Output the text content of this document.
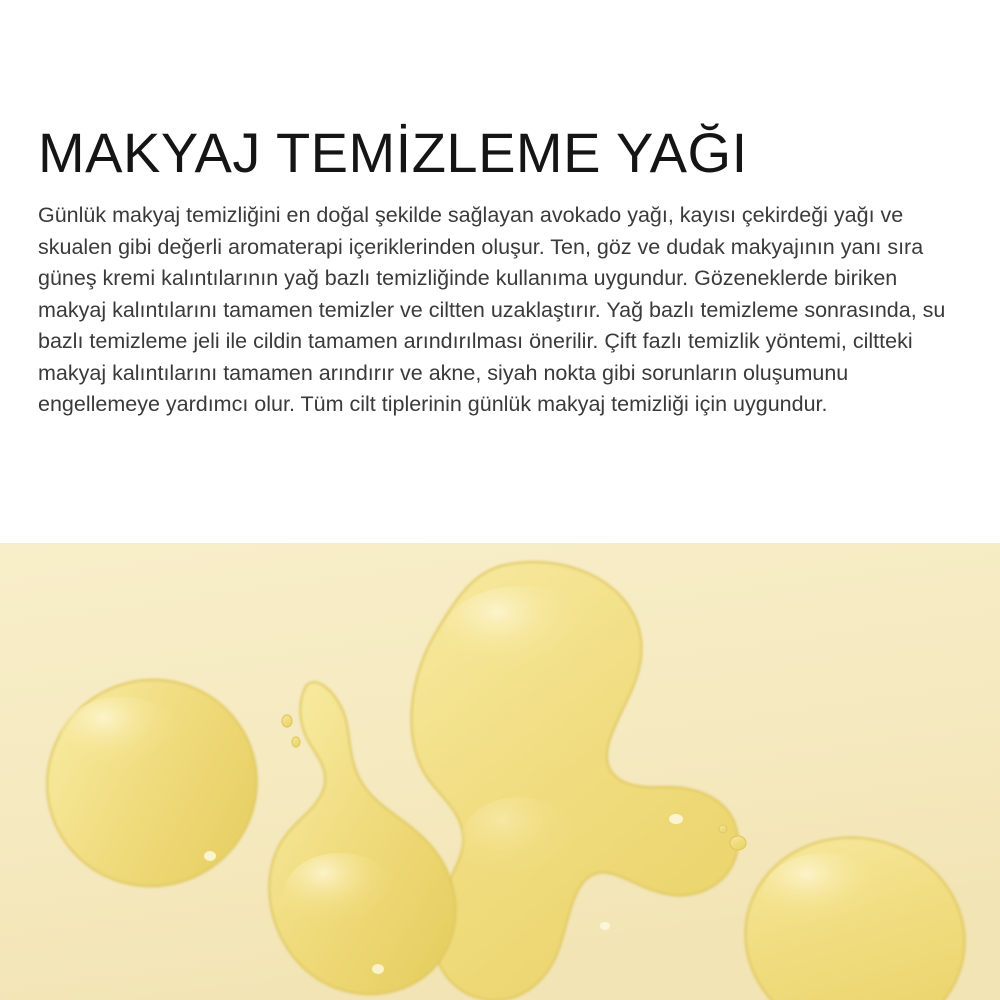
MAKYAJ TEMİZLEME YAĞI

Günlük makyaj temizliğini en doğal şekilde sağlayan avokado yağı, kayısı çekirdeği yağı ve skualen gibi değerli aromaterapi içeriklerinden oluşur. Ten, göz ve dudak makyajının yanı sıra güneş kremi kalıntılarının yağ bazlı temizliğinde kullanıma uygundur. Gözeneklerde biriken makyaj kalıntılarını tamamen temizler ve ciltten uzaklaştırır. Yağ bazlı temizleme sonrasında, su bazlı temizleme jeli ile cildin tamamen arındırılması önerilir. Çift fazlı temizlik yöntemi, ciltteki makyaj kalıntılarını tamamen arındırır ve akne, siyah nokta gibi sorunların oluşumunu engellemeye yardımcı olur. Tüm cilt tiplerinin günlük makyaj temizliği için uygundur.
